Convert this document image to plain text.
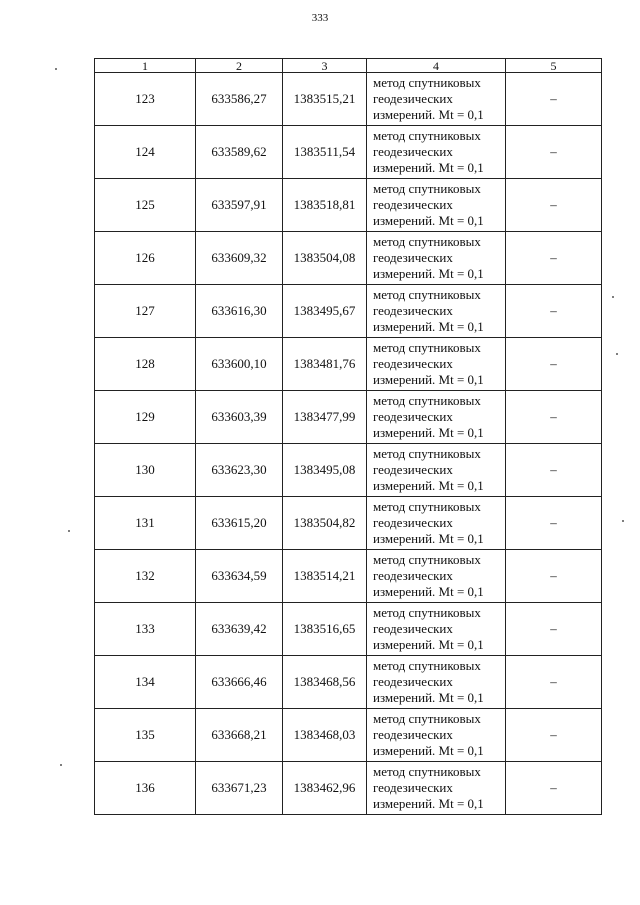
333
1	2	3	4	5
123	633586,27	1383515,21	метод спутниковых
геодезических
измерений. Mt = 0,1	–
124	633589,62	1383511,54	метод спутниковых
геодезических
измерений. Mt = 0,1	–
125	633597,91	1383518,81	метод спутниковых
геодезических
измерений. Mt = 0,1	–
126	633609,32	1383504,08	метод спутниковых
геодезических
измерений. Mt = 0,1	–
127	633616,30	1383495,67	метод спутниковых
геодезических
измерений. Mt = 0,1	–
128	633600,10	1383481,76	метод спутниковых
геодезических
измерений. Mt = 0,1	–
129	633603,39	1383477,99	метод спутниковых
геодезических
измерений. Mt = 0,1	–
130	633623,30	1383495,08	метод спутниковых
геодезических
измерений. Mt = 0,1	–
131	633615,20	1383504,82	метод спутниковых
геодезических
измерений. Mt = 0,1	–
132	633634,59	1383514,21	метод спутниковых
геодезических
измерений. Mt = 0,1	–
133	633639,42	1383516,65	метод спутниковых
геодезических
измерений. Mt = 0,1	–
134	633666,46	1383468,56	метод спутниковых
геодезических
измерений. Mt = 0,1	–
135	633668,21	1383468,03	метод спутниковых
геодезических
измерений. Mt = 0,1	–
136	633671,23	1383462,96	метод спутниковых
геодезических
измерений. Mt = 0,1	–
